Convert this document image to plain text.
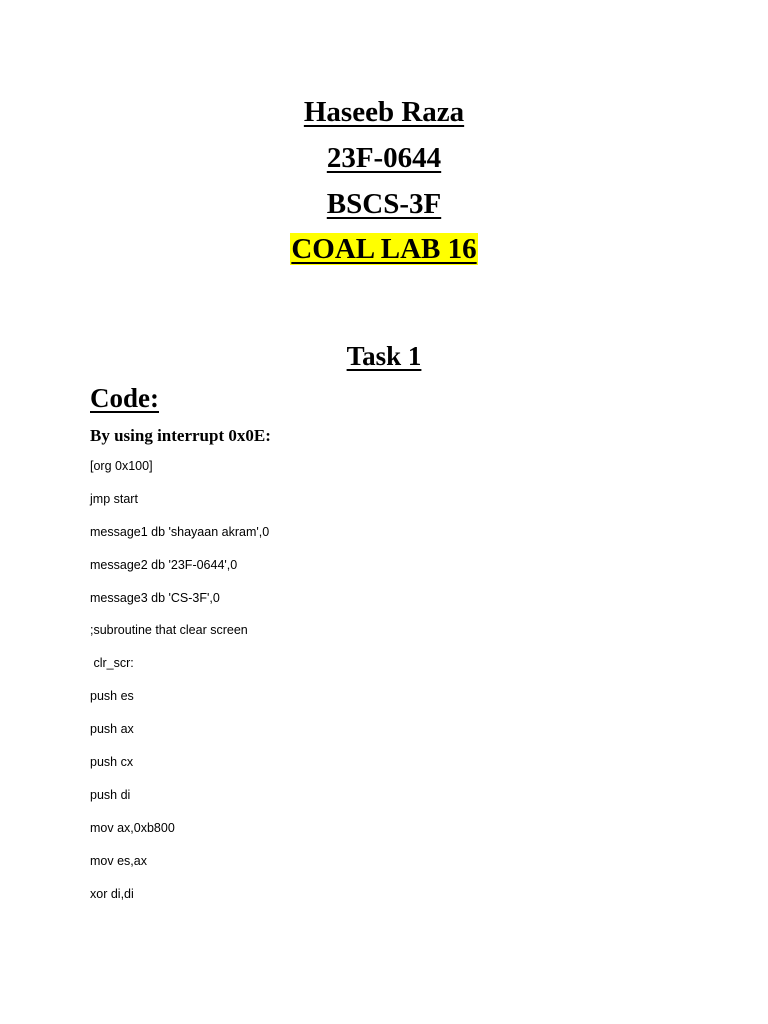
Haseeb Raza
23F-0644
BSCS-3F
COAL LAB 16
Task 1
Code:
By using interrupt 0x0E:
[org 0x100]
jmp start
message1 db 'shayaan akram',0
message2 db '23F-0644',0
message3 db 'CS-3F',0
;subroutine that clear screen
clr_scr:
push es
push ax
push cx
push di
mov ax,0xb800
mov es,ax
xor di,di
